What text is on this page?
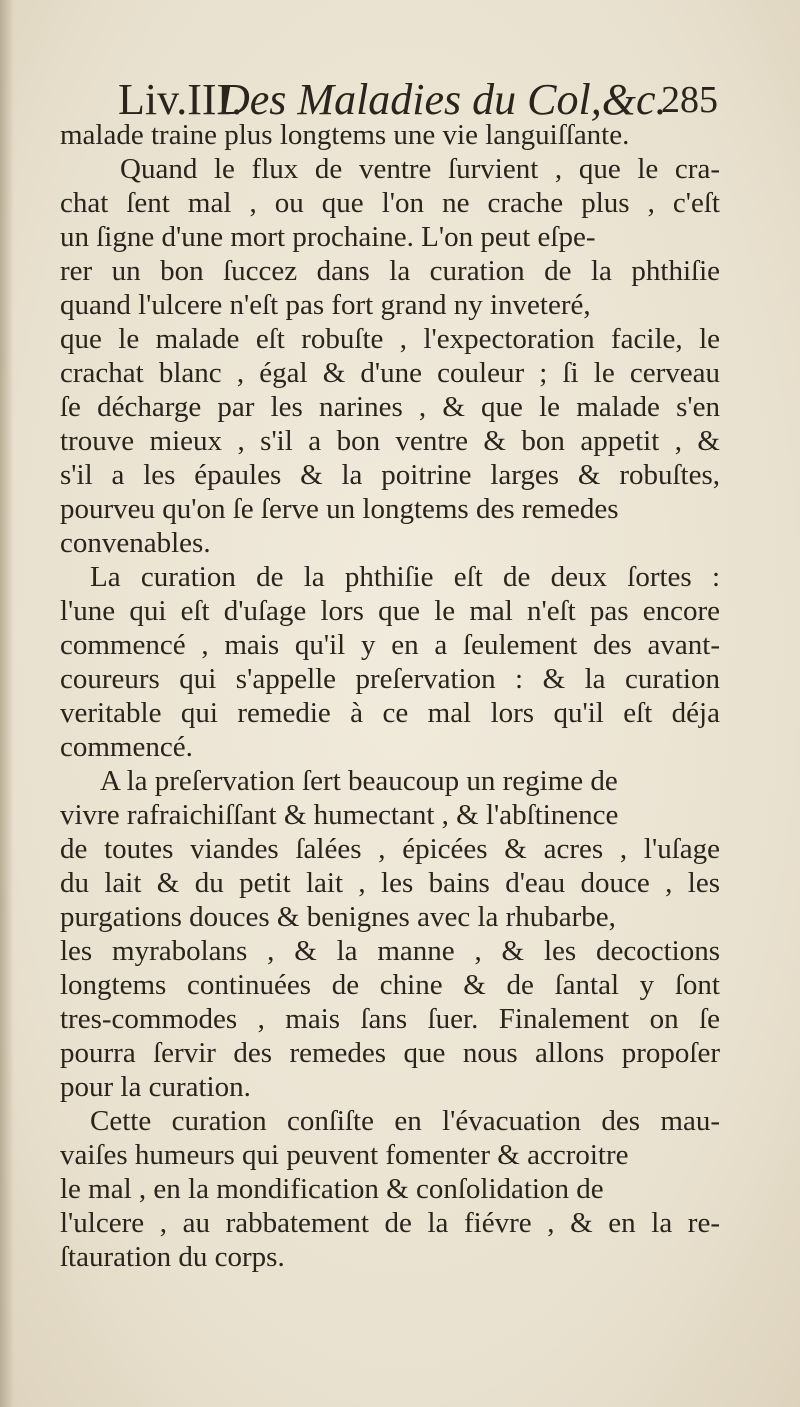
Liv.III.
Des Maladies du Col,&c.
285
malade traine plus longtems une vie languiſſante.
Quand le flux de ventre ſurvient , que le cra-
chat ſent mal , ou que l'on ne crache plus , c'eſt
un ſigne d'une mort prochaine. L'on peut eſpe-
rer un bon ſuccez dans la curation de la phthiſie
quand l'ulcere n'eſt pas fort grand ny inveteré,
que le malade eſt robuſte , l'expectoration facile, le
crachat blanc , égal & d'une couleur ; ſi le cerveau
ſe décharge par les narines , & que le malade s'en
trouve mieux , s'il a bon ventre & bon appetit , &
s'il a les épaules & la poitrine larges & robuſtes,
pourveu qu'on ſe ſerve un longtems des remedes
convenables.
La curation de la phthiſie eſt de deux ſortes :
l'une qui eſt d'uſage lors que le mal n'eſt pas encore
commencé , mais qu'il y en a ſeulement des avant-
coureurs qui s'appelle preſervation : & la curation
veritable qui remedie à ce mal lors qu'il eſt déja
commencé.
A la preſervation ſert beaucoup un regime de
vivre rafraichiſſant & humectant , & l'abſtinence
de toutes viandes ſalées , épicées & acres , l'uſage
du lait & du petit lait , les bains d'eau douce , les
purgations douces & benignes avec la rhubarbe,
les myrabolans , & la manne , & les decoctions
longtems continuées de chine & de ſantal y ſont
tres-commodes , mais ſans ſuer. Finalement on ſe
pourra ſervir des remedes que nous allons propoſer
pour la curation.
Cette curation conſiſte en l'évacuation des mau-
vaiſes humeurs qui peuvent fomenter & accroitre
le mal , en la mondification & conſolidation de
l'ulcere , au rabbatement de la fiévre , & en la re-
ſtauration du corps.
